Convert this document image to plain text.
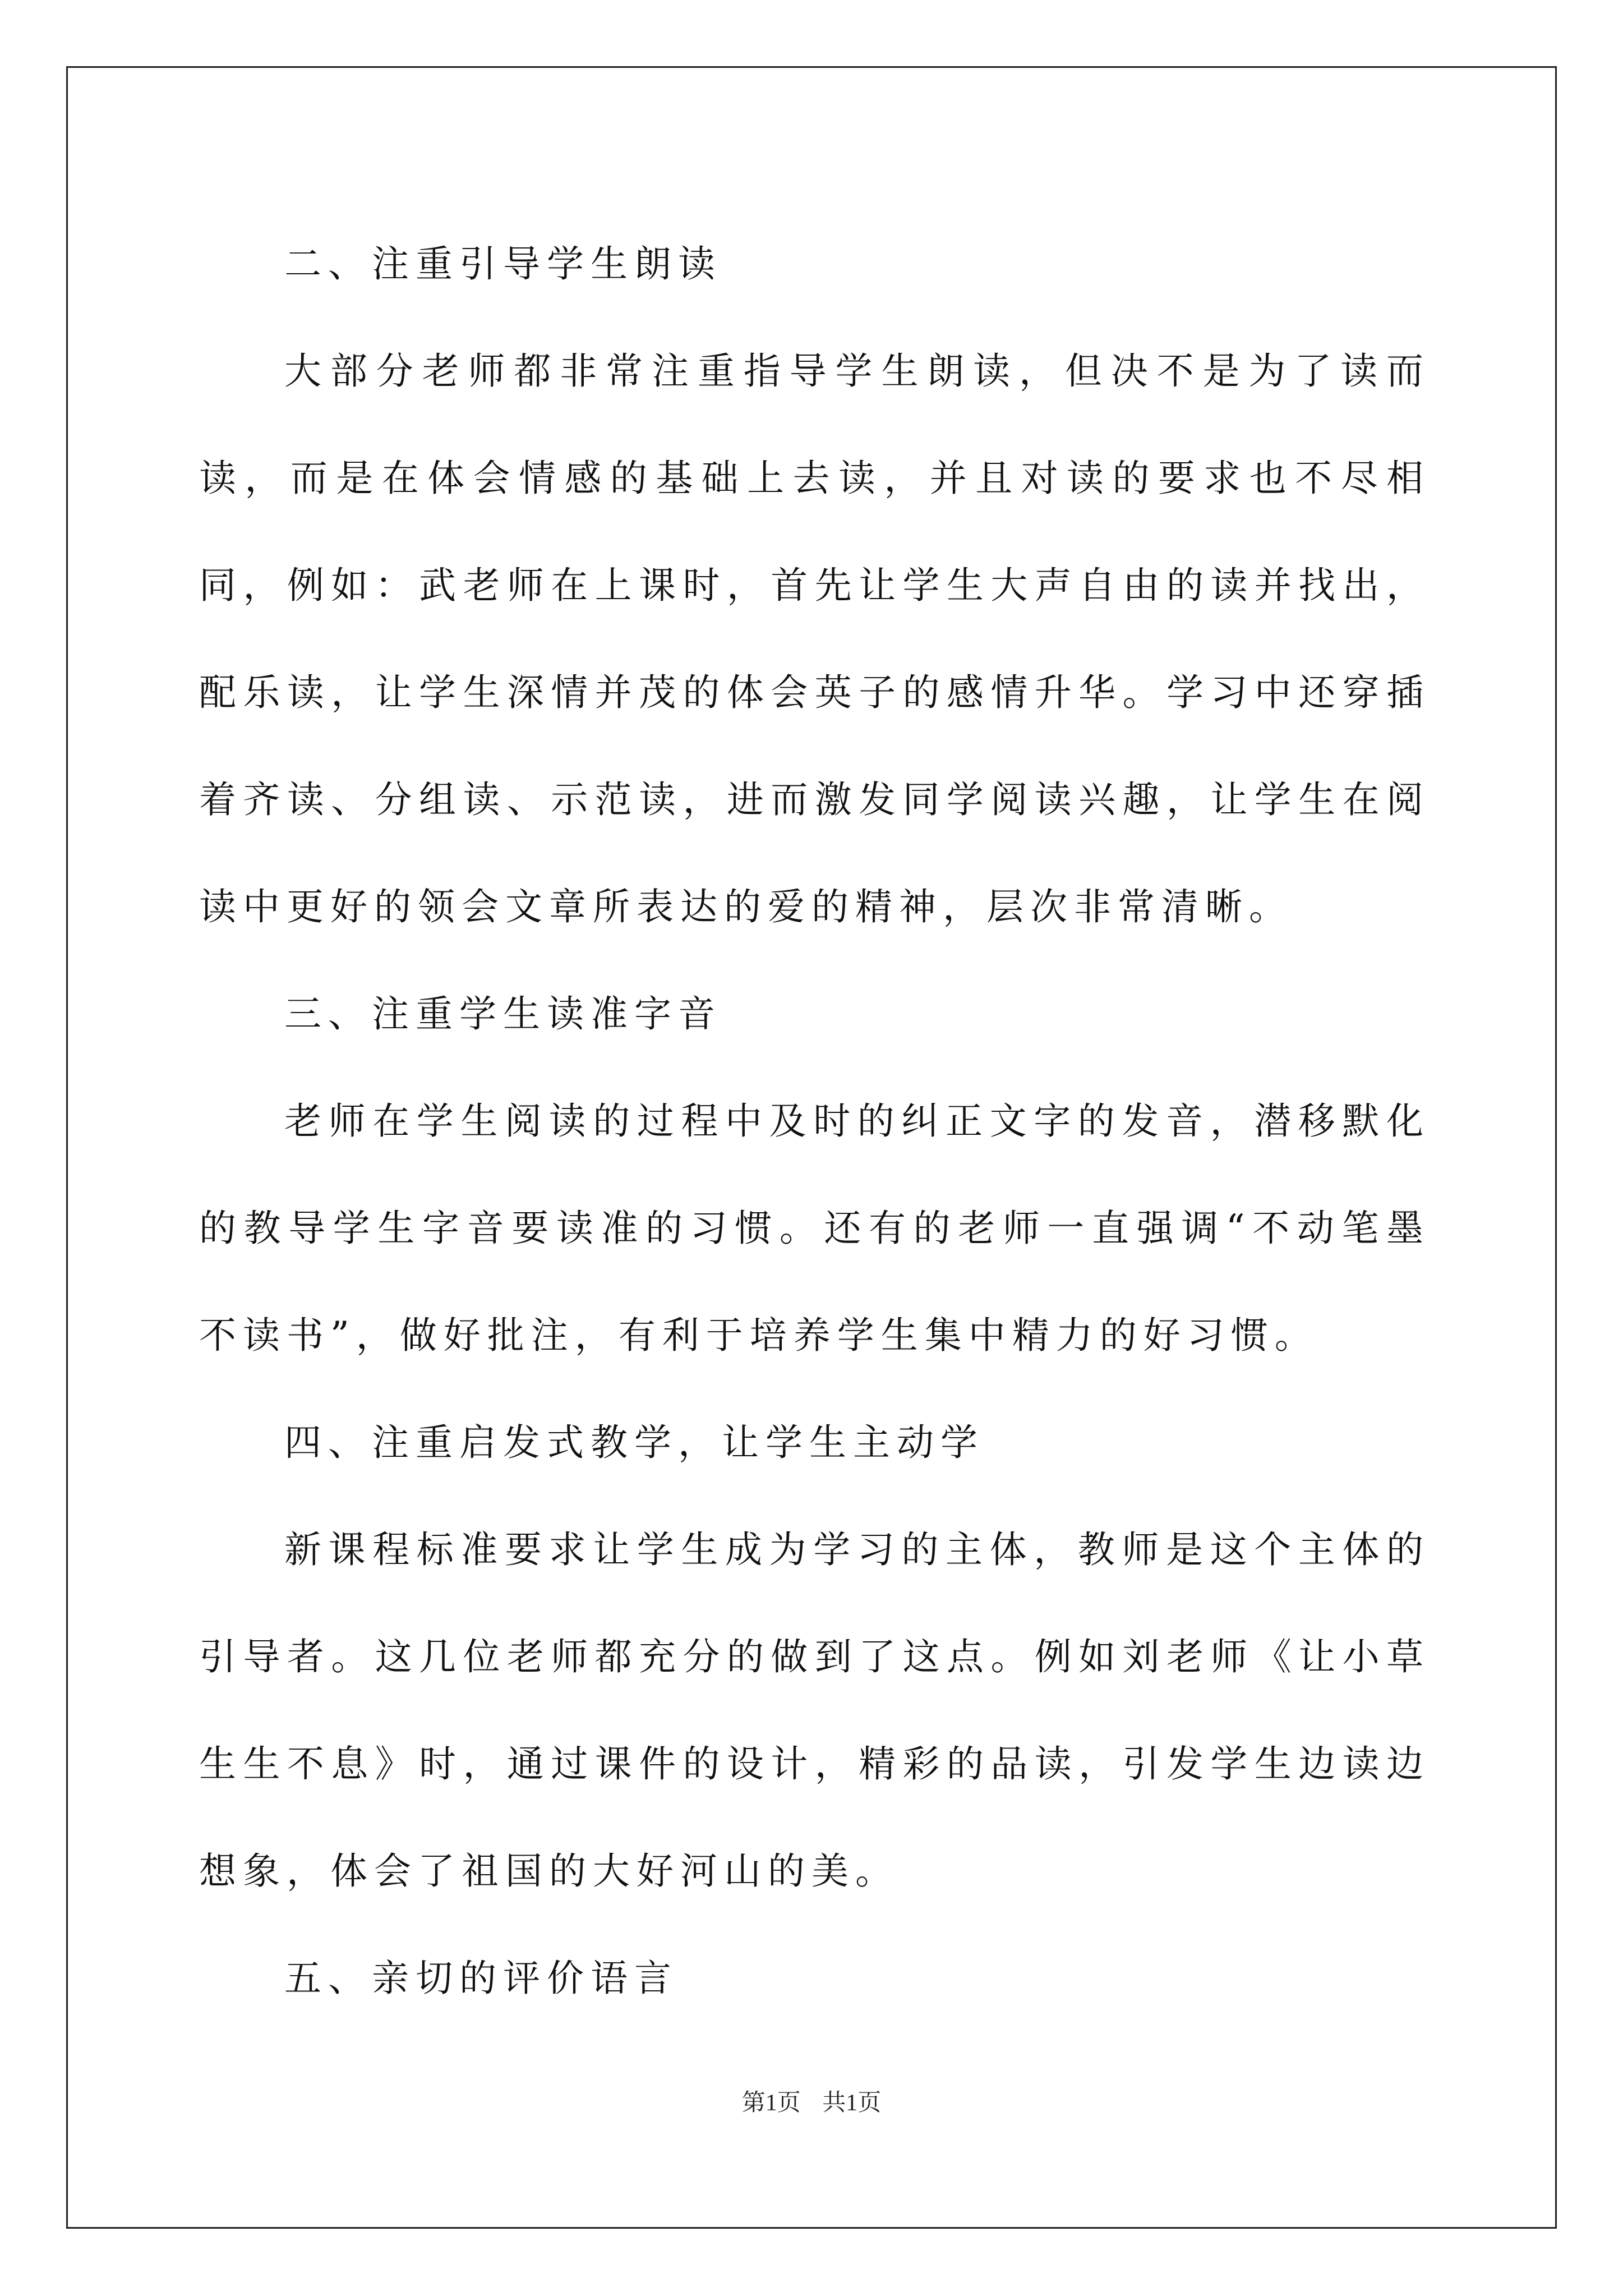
二、注重引导学生朗读

大部分老师都非常注重指导学生朗读，但决不是为了读而读，而是在体会情感的基础上去读，并且对读的要求也不尽相同，例如：武老师在上课时，首先让学生大声自由的读并找出，配乐读，让学生深情并茂的体会英子的感情升华。学习中还穿插着齐读、分组读、示范读，进而激发同学阅读兴趣，让学生在阅读中更好的领会文章所表达的爱的精神，层次非常清晰。

三、注重学生读准字音

老师在学生阅读的过程中及时的纠正文字的发音，潜移默化的教导学生字音要读准的习惯。还有的老师一直强调“不动笔墨不读书”，做好批注，有利于培养学生集中精力的好习惯。

四、注重启发式教学，让学生主动学

新课程标准要求让学生成为学习的主体，教师是这个主体的引导者。这几位老师都充分的做到了这点。例如刘老师《让小草生生不息》时，通过课件的设计，精彩的品读，引发学生边读边想象，体会了祖国的大好河山的美。

五、亲切的评价语言

第1页 共1页
